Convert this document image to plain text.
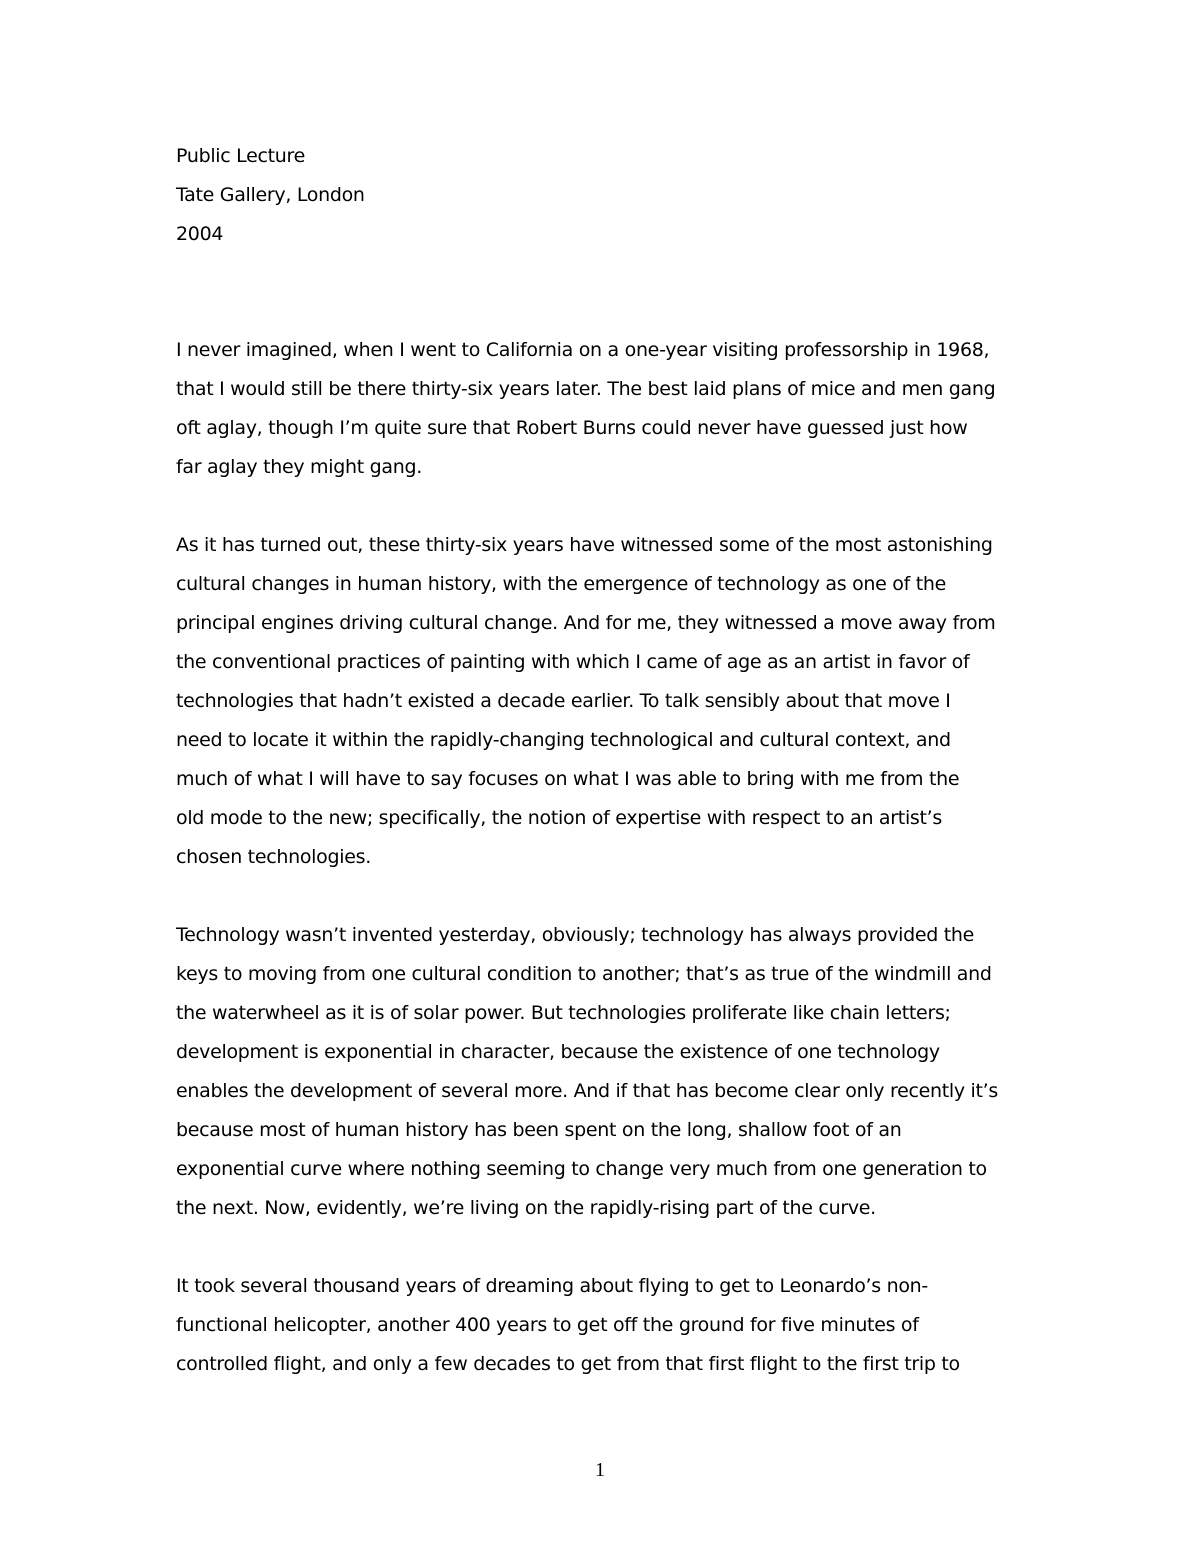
Public Lecture
Tate Gallery, London
2004
I never imagined, when I went to California on a one-year visiting professorship in 1968,
that I would still be there thirty-six years later. The best laid plans of mice and men gang
oft aglay, though I’m quite sure that Robert Burns could never have guessed just how
far aglay they might gang.
As it has turned out, these thirty-six years have witnessed some of the most astonishing
cultural changes in human history, with the emergence of technology as one of the
principal engines driving cultural change. And for me, they witnessed a move away from
the conventional practices of painting with which I came of age as an artist in favor of
technologies that hadn’t existed a decade earlier. To talk sensibly about that move I
need to locate it within the rapidly-changing technological and cultural context, and
much of what I will have to say focuses on what I was able to bring with me from the
old mode to the new; specifically, the notion of expertise with respect to an artist’s
chosen technologies.
Technology wasn’t invented yesterday, obviously; technology has always provided the
keys to moving from one cultural condition to another; that’s as true of the windmill and
the waterwheel as it is of solar power. But technologies proliferate like chain letters;
development is exponential in character, because the existence of one technology
enables the development of several more. And if that has become clear only recently it’s
because most of human history has been spent on the long, shallow foot of an
exponential curve where nothing seeming to change very much from one generation to
the next. Now, evidently, we’re living on the rapidly-rising part of the curve.
It took several thousand years of dreaming about flying to get to Leonardo’s non-
functional helicopter, another 400 years to get off the ground for five minutes of
controlled flight, and only a few decades to get from that first flight to the first trip to
1
